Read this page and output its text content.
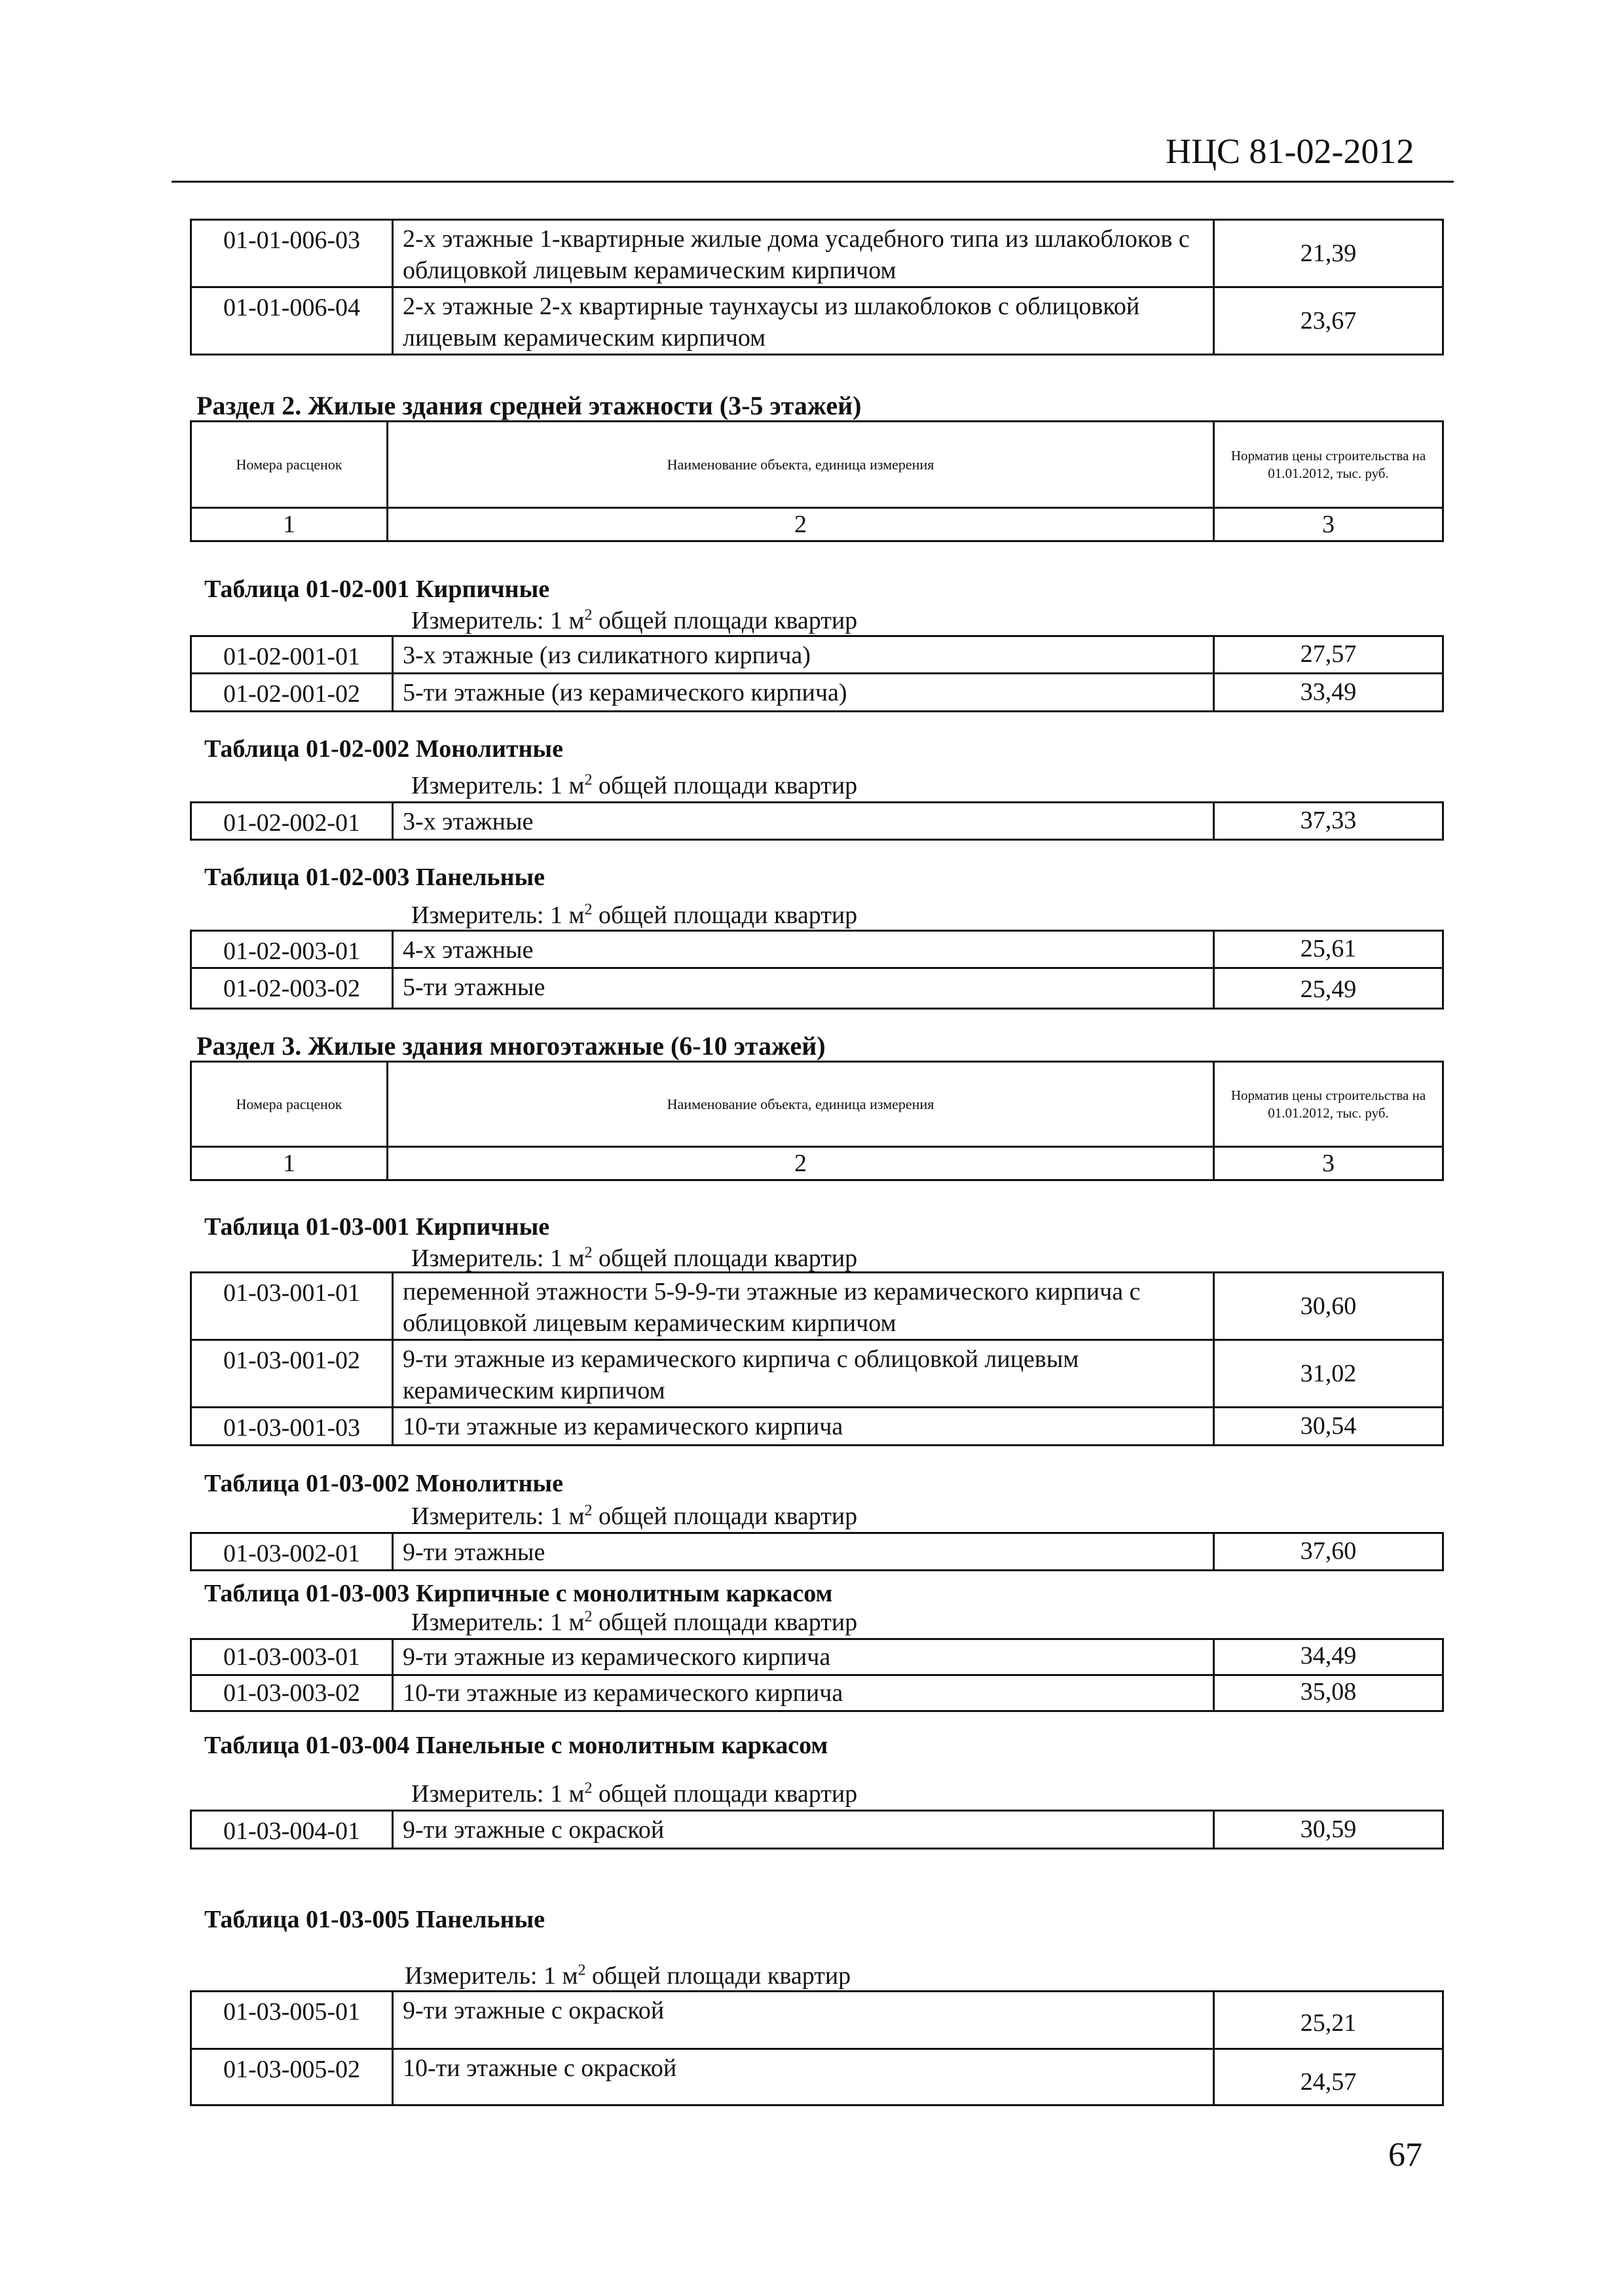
НЦС 81-02-2012
01-01-006-03	2-х этажные 1-квартирные жилые дома усадебного типа из шлакоблоков с облицовкой лицевым керамическим кирпичом	21,39
01-01-006-04	2-х этажные 2-х квартирные таунхаусы из шлакоблоков с облицовкой лицевым керамическим кирпичом	23,67
Раздел 2. Жилые здания средней этажности (3-5 этажей)
Номера расценок	Наименование объекта, единица измерения	Норматив цены строительства на 01.01.2012, тыс. руб.
1	2	3
Таблица 01-02-001 Кирпичные
Измеритель: 1 $м^2$ общей площади квартир
01-02-001-01	3-х этажные (из силикатного кирпича)	27,57
01-02-001-02	5-ти этажные (из керамического кирпича)	33,49
Таблица 01-02-002 Монолитные
Измеритель: 1 $м^2$ общей площади квартир
01-02-002-01	3-х этажные	37,33
Таблица 01-02-003 Панельные
Измеритель: 1 $м^2$ общей площади квартир
01-02-003-01	4-х этажные	25,61
01-02-003-02	5-ти этажные	25,49
Раздел 3. Жилые здания многоэтажные (6-10 этажей)
Номера расценок	Наименование объекта, единица измерения	Норматив цены строительства на 01.01.2012, тыс. руб.
1	2	3
Таблица 01-03-001 Кирпичные
Измеритель: 1 $м^2$ общей площади квартир
01-03-001-01	переменной этажности 5-9-9-ти этажные из керамического кирпича с облицовкой лицевым керамическим кирпичом	30,60
01-03-001-02	9-ти этажные из керамического кирпича с облицовкой лицевым керамическим кирпичом	31,02
01-03-001-03	10-ти этажные из керамического кирпича	30,54
Таблица 01-03-002 Монолитные
Измеритель: 1 $м^2$ общей площади квартир
01-03-002-01	9-ти этажные	37,60
Таблица 01-03-003 Кирпичные с монолитным каркасом
Измеритель: 1 $м^2$ общей площади квартир
01-03-003-01	9-ти этажные из керамического кирпича	34,49
01-03-003-02	10-ти этажные из керамического кирпича	35,08
Таблица 01-03-004 Панельные с монолитным каркасом
Измеритель: 1 $м^2$ общей площади квартир
01-03-004-01	9-ти этажные с окраской	30,59
Таблица 01-03-005 Панельные
Измеритель: 1 $м^2$ общей площади квартир
01-03-005-01	9-ти этажные с окраской	25,21
01-03-005-02	10-ти этажные с окраской	24,57
67
